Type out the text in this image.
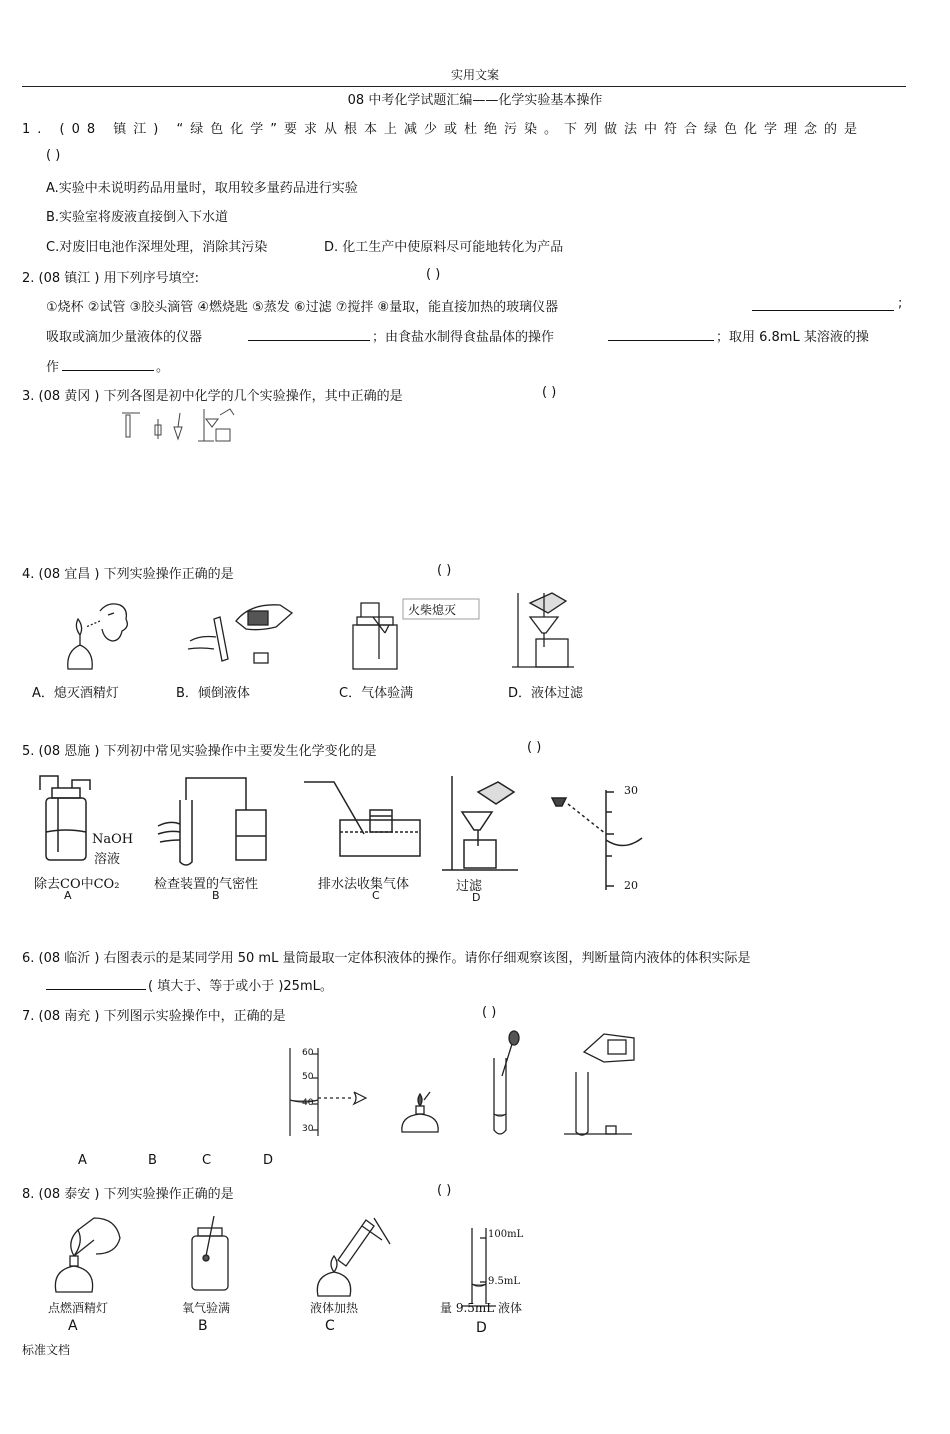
实用文案
08 中考化学试题汇编——化学实验基本操作
1. (08 镇江) “绿色化学”要求从根本上减少或杜绝污染。下列做法中符合绿色化学理念的是
( )
A.实验中未说明药品用量时，取用较多量药品进行实验
B.实验室将废液直接倒入下水道
C.对废旧电池作深埋处理，消除其污染	D. 化工生产中使原料尽可能地转化为产品
2. (08 镇江 ) 用下列序号填空:	( )
①烧杯 ②试管 ③胶头滴管 ④燃烧匙 ⑤蒸发 ⑥过滤 ⑦搅拌 ⑧量取，能直接加热的玻璃仪器	;
吸取或滴加少量液体的仪器	；由食盐水制得食盐晶体的操作	；取用 6.8mL 某溶液的操
作	。
3. (08 黄冈 ) 下列各图是初中化学的几个实验操作，其中正确的是	( )
4. (08 宜昌 ) 下列实验操作正确的是	( )
火柴熄灭
A．熄灭酒精灯	B．倾倒液体	C．气体验满	D．液体过滤
5. (08 恩施 ) 下列初中常见实验操作中主要发生化学变化的是	( )
NaOH
溶液
除去CO中CO₂
A
检查装置的气密性
B
排水法收集气体
C
过滤
D
30
20
6. (08 临沂 ) 右图表示的是某同学用 50 mL 量筒最取一定体积液体的操作。请你仔细观察该图，判断量筒内液体的体积实际是
( 填大于、等于或小于 )25mL。
7. (08 南充 ) 下列图示实验操作中，正确的是	( )
60
50
40
30
A	B	C	D
8. (08 泰安 ) 下列实验操作正确的是	( )
100mL
9.5mL
点燃酒精灯
A
氧气验满
B
液体加热
C
量 9.5mL 液体
D
标准文档
